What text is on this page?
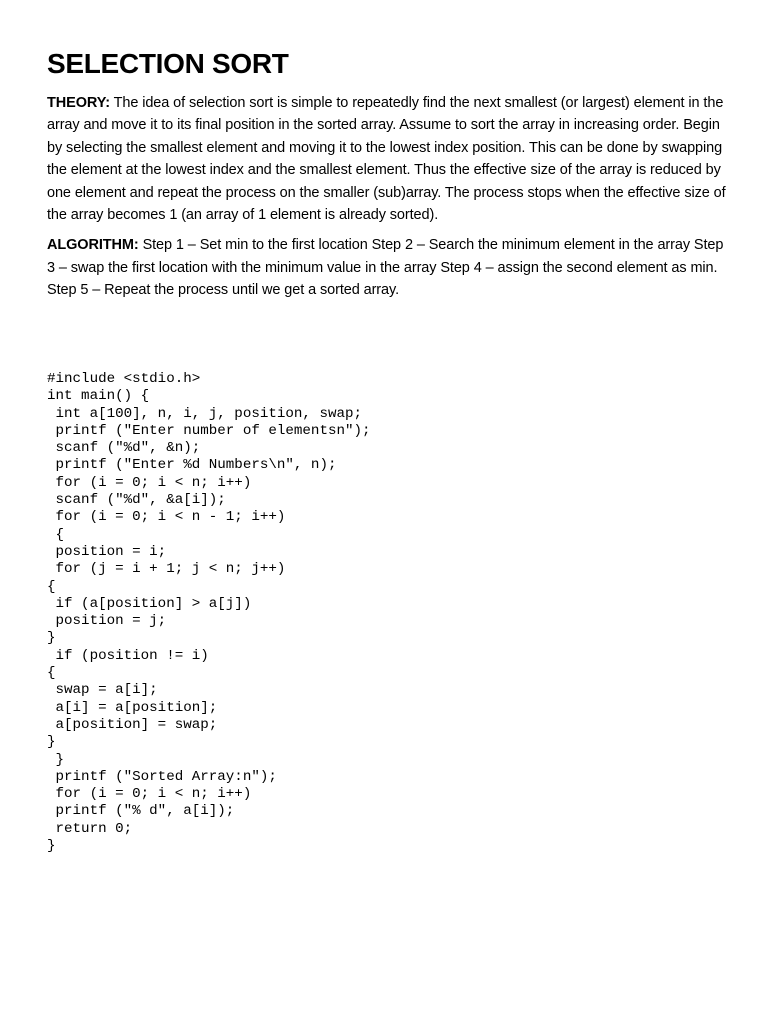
SELECTION SORT

THEORY: The idea of selection sort is simple to repeatedly find the next smallest (or largest) element in the array and move it to its final position in the sorted array. Assume to sort the array in increasing order. Begin by selecting the smallest element and moving it to the lowest index position. This can be done by swapping the element at the lowest index and the smallest element. Thus the effective size of the array is reduced by one element and repeat the process on the smaller (sub)array. The process stops when the effective size of the array becomes 1 (an array of 1 element is already sorted).

ALGORITHM: Step 1 – Set min to the first location Step 2 – Search the minimum element in the array Step 3 – swap the first location with the minimum value in the array Step 4 – assign the second element as min. Step 5 – Repeat the process until we get a sorted array.

#include <stdio.h>
int main() {
int a[100], n, i, j, position, swap;
printf ("Enter number of elementsn");
scanf ("%d", &n);
printf ("Enter %d Numbers\n", n);
for (i = 0; i < n; i++)
scanf ("%d", &a[i]);
for (i = 0; i < n - 1; i++)
{
position = i;
for (j = i + 1; j < n; j++)
{
if (a[position] > a[j])
position = j;
}
if (position != i)
{
swap = a[i];
a[i] = a[position];
a[position] = swap;
}
}
printf ("Sorted Array:n");
for (i = 0; i < n; i++)
printf ("% d", a[i]);
return 0;
}
